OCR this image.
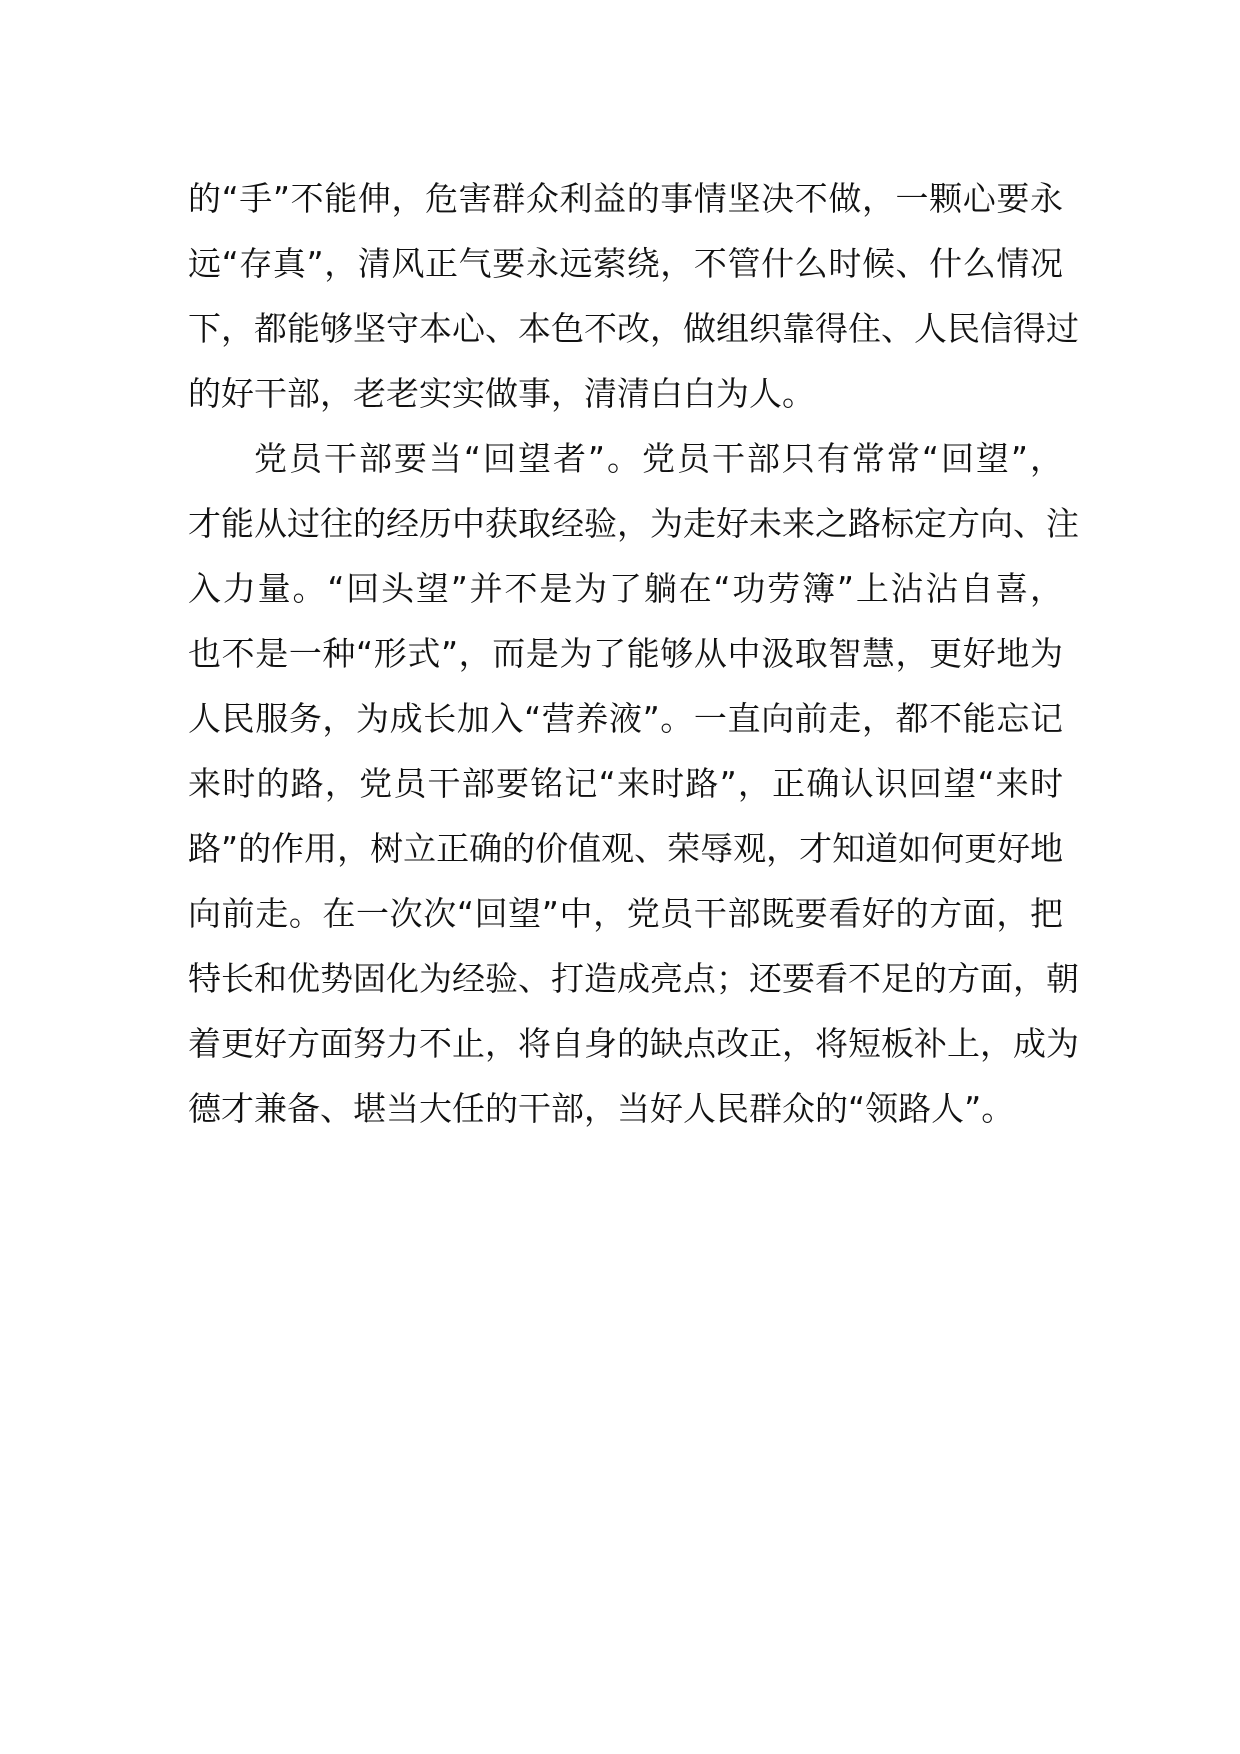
的“手”不能伸，危害群众利益的事情坚决不做，一颗心要永
远“存真”，清风正气要永远萦绕，不管什么时候、什么情况
下，都能够坚守本心、本色不改，做组织靠得住、人民信得过
的好干部，老老实实做事，清清白白为人。
党员干部要当“回望者”。党员干部只有常常“回望”，
才能从过往的经历中获取经验，为走好未来之路标定方向、注
入力量。“回头望”并不是为了躺在“功劳簿”上沾沾自喜，
也不是一种“形式”，而是为了能够从中汲取智慧，更好地为
人民服务，为成长加入“营养液”。一直向前走，都不能忘记
来时的路，党员干部要铭记“来时路”，正确认识回望“来时
路”的作用，树立正确的价值观、荣辱观，才知道如何更好地
向前走。在一次次“回望”中，党员干部既要看好的方面，把
特长和优势固化为经验、打造成亮点；还要看不足的方面，朝
着更好方面努力不止，将自身的缺点改正，将短板补上，成为
德才兼备、堪当大任的干部，当好人民群众的“领路人”。
